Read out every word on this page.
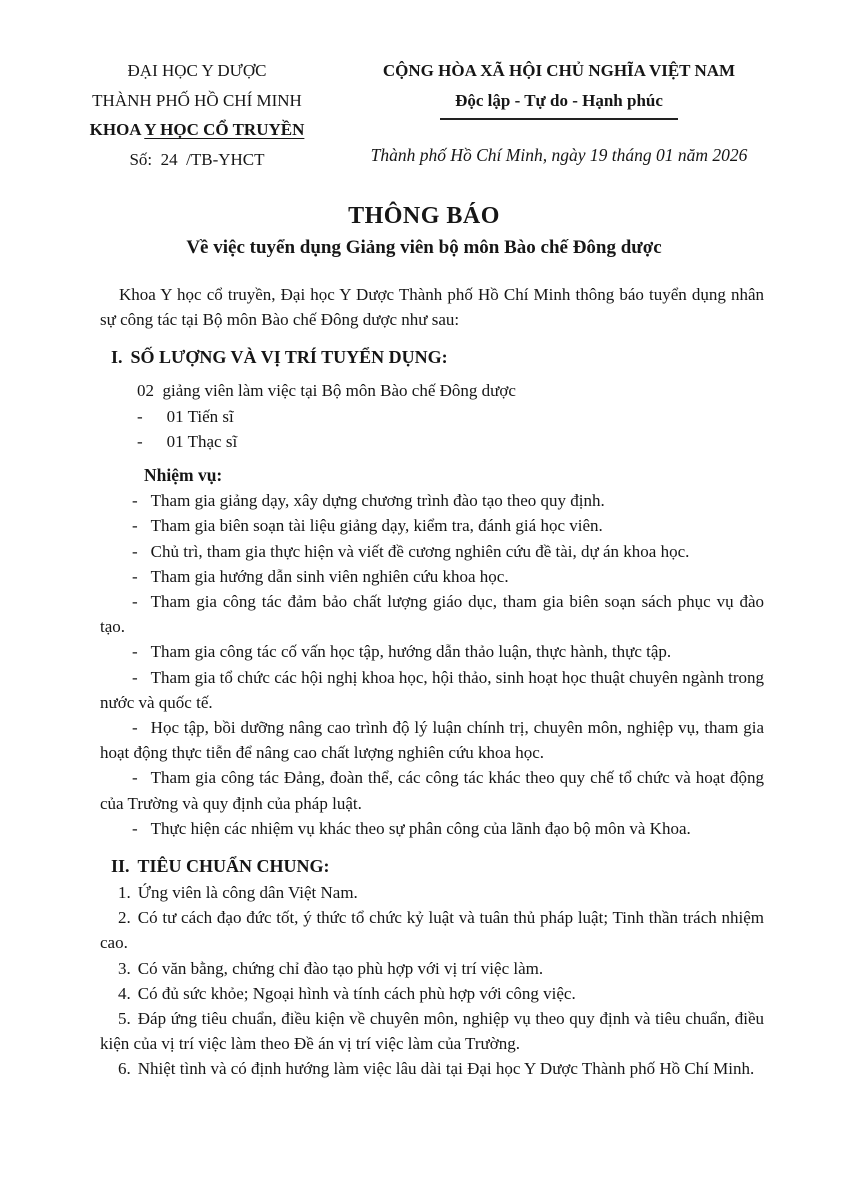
ĐẠI HỌC Y DƯỢC
THÀNH PHỐ HỒ CHÍ MINH
KHOA Y HỌC CỔ TRUYỀN
Số:  24  /TB-YHCT
CỘNG HÒA XÃ HỘI CHỦ NGHĨA VIỆT NAM
Độc lập - Tự do - Hạnh phúc
Thành phố Hồ Chí Minh, ngày 19 tháng 01 năm 2026
THÔNG BÁO
Về việc tuyển dụng Giảng viên bộ môn Bào chế Đông dược

Khoa Y học cổ truyền, Đại học Y Dược Thành phố Hồ Chí Minh thông báo tuyển dụng nhân sự công tác tại Bộ môn Bào chế Đông dược như sau:

I. SỐ LƯỢNG VÀ VỊ TRÍ TUYỂN DỤNG:

02  giảng viên làm việc tại Bộ môn Bào chế Đông dược

- 01 Tiến sĩ

- 01 Thạc sĩ

Nhiệm vụ:

- Tham gia giảng dạy, xây dựng chương trình đào tạo theo quy định.

- Tham gia biên soạn tài liệu giảng dạy, kiểm tra, đánh giá học viên.

- Chủ trì, tham gia thực hiện và viết đề cương nghiên cứu đề tài, dự án khoa học.

- Tham gia hướng dẫn sinh viên nghiên cứu khoa học.

- Tham gia công tác đảm bảo chất lượng giáo dục, tham gia biên soạn sách phục vụ đào tạo.

- Tham gia công tác cố vấn học tập, hướng dẫn thảo luận, thực hành, thực tập.

- Tham gia tổ chức các hội nghị khoa học, hội thảo, sinh hoạt học thuật chuyên ngành trong nước và quốc tế.

- Học tập, bồi dưỡng nâng cao trình độ lý luận chính trị, chuyên môn, nghiệp vụ, tham gia hoạt động thực tiễn để nâng cao chất lượng nghiên cứu khoa học.

- Tham gia công tác Đảng, đoàn thể, các công tác khác theo quy chế tổ chức và hoạt động của Trường và quy định của pháp luật.

- Thực hiện các nhiệm vụ khác theo sự phân công của lãnh đạo bộ môn và Khoa.

II. TIÊU CHUẨN CHUNG:

1. Ứng viên là công dân Việt Nam.

2. Có tư cách đạo đức tốt, ý thức tổ chức kỷ luật và tuân thủ pháp luật; Tinh thần trách nhiệm cao.

3. Có văn bằng, chứng chỉ đào tạo phù hợp với vị trí việc làm.

4. Có đủ sức khỏe; Ngoại hình và tính cách phù hợp với công việc.

5. Đáp ứng tiêu chuẩn, điều kiện về chuyên môn, nghiệp vụ theo quy định và tiêu chuẩn, điều kiện của vị trí việc làm theo Đề án vị trí việc làm của Trường.

6. Nhiệt tình và có định hướng làm việc lâu dài tại Đại học Y Dược Thành phố Hồ Chí Minh.
